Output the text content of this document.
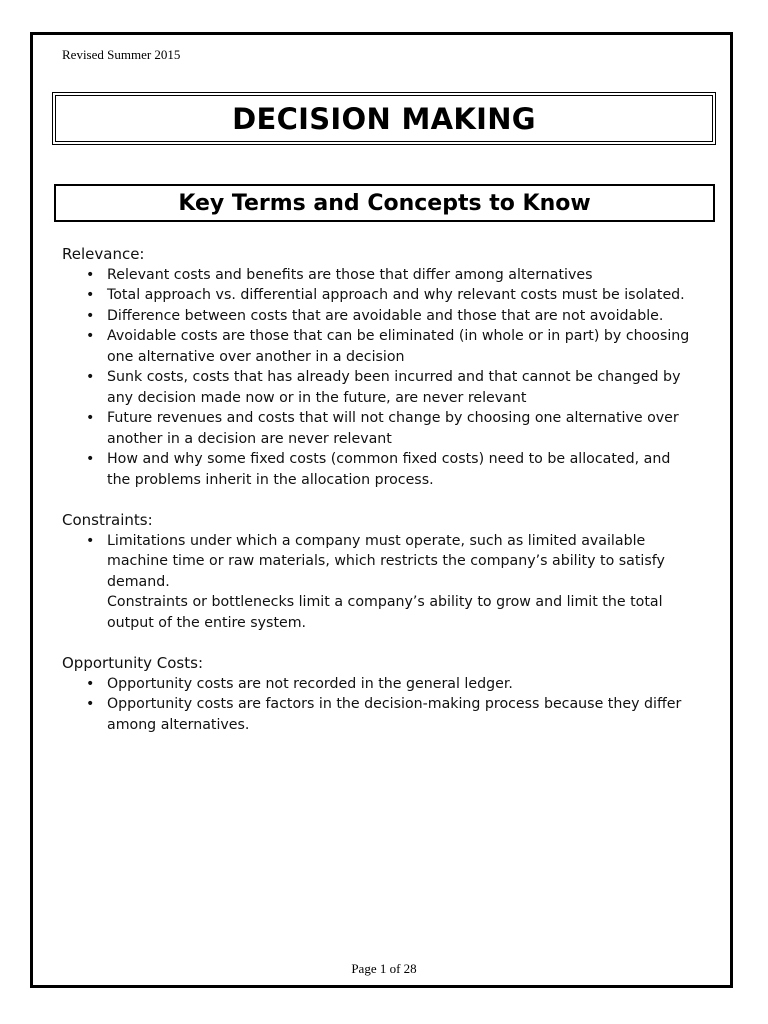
Revised Summer 2015
DECISION MAKING
Key Terms and Concepts to Know

Relevance:

• Relevant costs and benefits are those that differ among alternatives
• Total approach vs. differential approach and why relevant costs must be isolated.
• Difference between costs that are avoidable and those that are not avoidable.
• Avoidable costs are those that can be eliminated (in whole or in part) by choosing
one alternative over another in a decision
• Sunk costs, costs that has already been incurred and that cannot be changed by
any decision made now or in the future, are never relevant
• Future revenues and costs that will not change by choosing one alternative over
another in a decision are never relevant
• How and why some fixed costs (common fixed costs) need to be allocated, and
the problems inherit in the allocation process.

Constraints:

• Limitations under which a company must operate, such as limited available
machine time or raw materials, which restricts the company’s ability to satisfy
demand.
Constraints or bottlenecks limit a company’s ability to grow and limit the total
output of the entire system.

Opportunity Costs:

• Opportunity costs are not recorded in the general ledger.
• Opportunity costs are factors in the decision-making process because they differ
among alternatives.
Page 1 of 28
